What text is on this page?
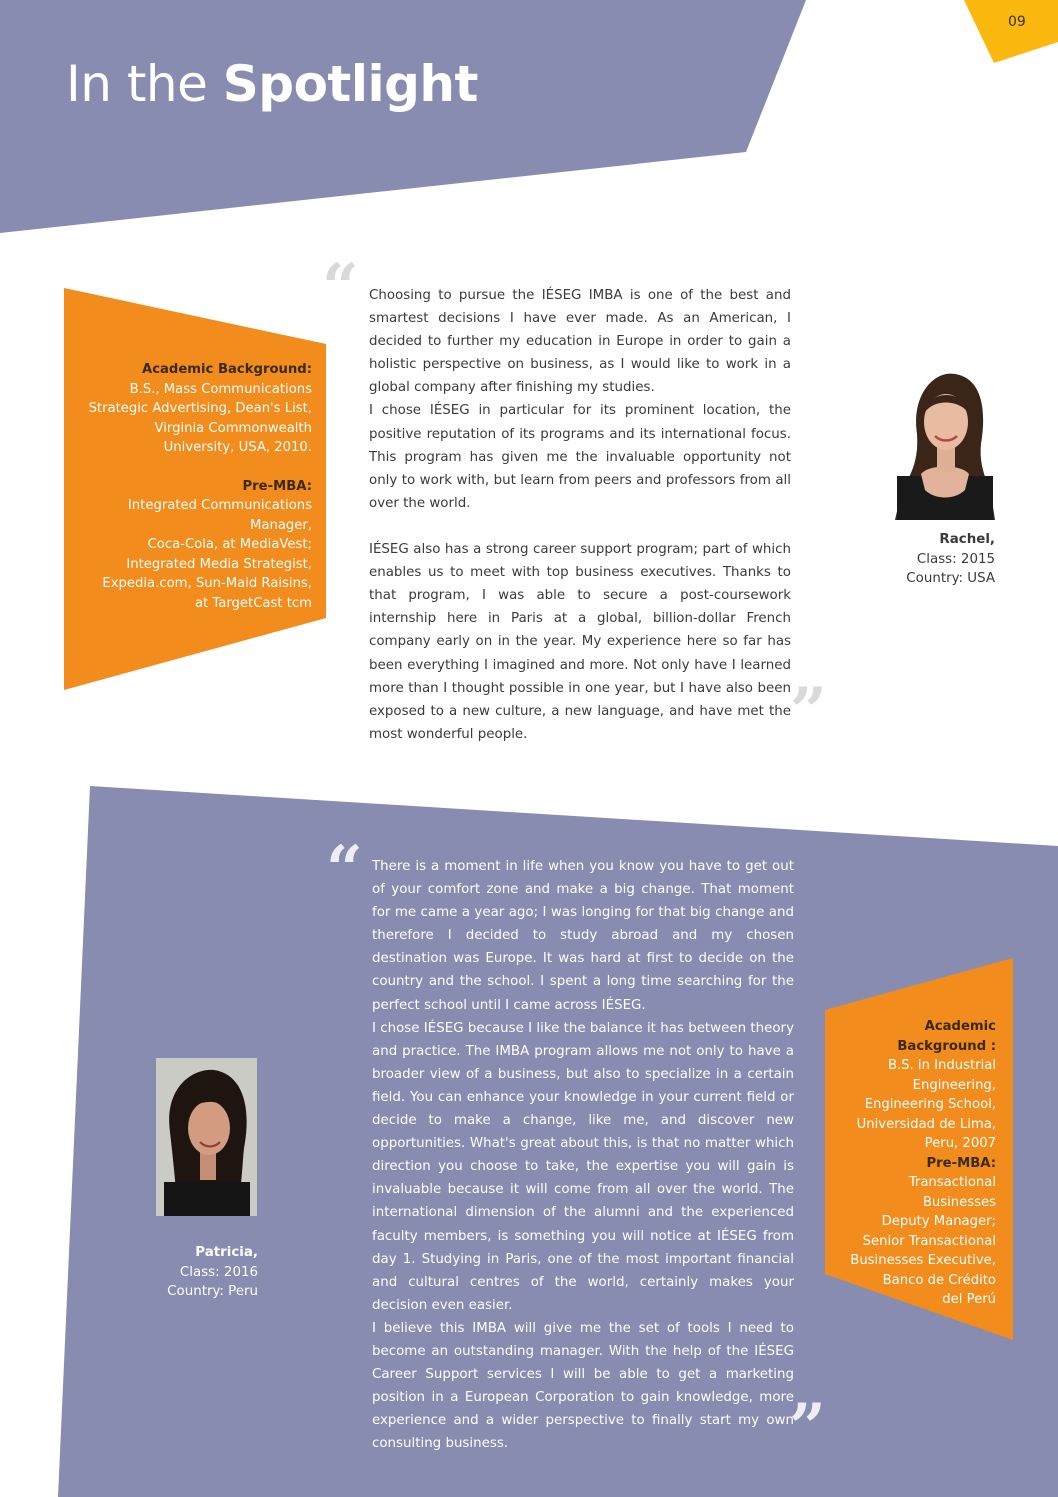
In the Spotlight
09
Academic Background:
B.S., Mass Communications
Strategic Advertising, Dean's List,
Virginia Commonwealth
University, USA, 2010.
Pre-MBA:
Integrated Communications Manager,
Coca-Cola, at MediaVest;
Integrated Media Strategist,
Expedia.com, Sun-Maid Raisins,
at TargetCast tcm
“ Choosing to pursue the IÉSEG IMBA is one of the best and smartest decisions I have ever made. As an American, I decided to further my education in Europe in order to gain a holistic perspective on business, as I would like to work in a global company after finishing my studies.

I chose IÉSEG in particular for its prominent location, the positive reputation of its programs and its international focus. This program has given me the invaluable opportunity not only to work with, but learn from peers and professors from all over the world.

IÉSEG also has a strong career support program; part of which enables us to meet with top business executives. Thanks to that program, I was able to secure a post-coursework internship here in Paris at a global, billion-dollar French company early on in the year. My experience here so far has been everything I imagined and more. Not only have I learned more than I thought possible in one year, but I have also been exposed to a new culture, a new language, and have met the most wonderful people.	”
Rachel,
Class: 2015
Country: USA
“ There is a moment in life when you know you have to get out of your comfort zone and make a big change. That moment for me came a year ago; I was longing for that big change and therefore I decided to study abroad and my chosen destination was Europe. It was hard at first to decide on the country and the school. I spent a long time searching for the perfect school until I came across IÉSEG.

I chose IÉSEG because I like the balance it has between theory and practice. The IMBA program allows me not only to have a broader view of a business, but also to specialize in a certain field. You can enhance your knowledge in your current field or decide to make a change, like me, and discover new opportunities. What's great about this, is that no matter which direction you choose to take, the expertise you will gain is invaluable because it will come from all over the world. The international dimension of the alumni and the experienced faculty members, is something you will notice at IÉSEG from day 1. Studying in Paris, one of the most important financial and cultural centres of the world, certainly makes your decision even easier.

I believe this IMBA will give me the set of tools I need to become an outstanding manager. With the help of the IÉSEG Career Support services I will be able to get a marketing position in a European Corporation to gain knowledge, more experience and a wider perspective to finally start my own consulting business.	”
Patricia,
Class: 2016
Country: Peru
Academic
Background :
B.S. in Industrial
Engineering,
Engineering School,
Universidad de Lima,
Peru, 2007
Pre-MBA:
Transactional Businesses
Deputy Manager;
Senior Transactional
Businesses Executive,
Banco de Crédito
del Perú
